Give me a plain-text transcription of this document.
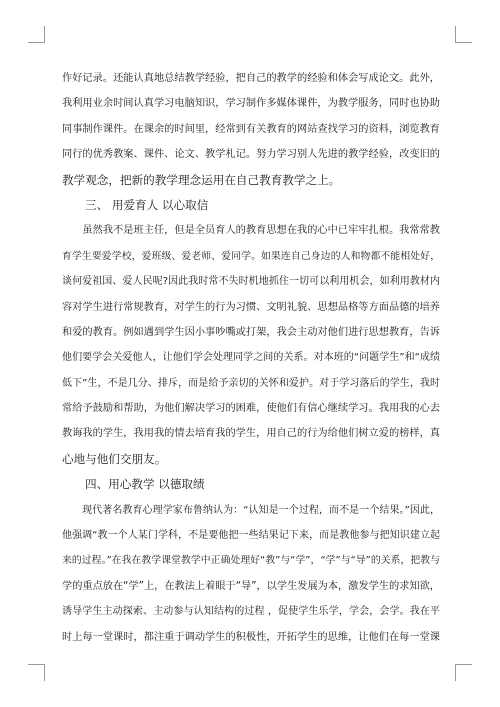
作好记录。还能认真地总结教学经验，把自己的教学的经验和体会写成论文。此外，
我利用业余时间认真学习电脑知识，学习制作多媒体课件，为教学服务，同时也协助
同事制作课件。在课余的时间里，经常到有关教育的网站查找学习的资料，浏览教育
同行的优秀教案、课件、论文、教学札记。努力学习别人先进的教学经验，改变旧的
教学观念，把新的教学理念运用在自己教育教学之上。
三、 用爱育人 以心取信
　　虽然我不是班主任，但是全员育人的教育思想在我的心中已牢牢扎根。我常常教
育学生要爱学校，爱班级、爱老师、爱同学。如果连自己身边的人和物都不能相处好，
谈何爱祖国、爱人民呢?因此我时常不失时机地抓住一切可以利用机会，如利用教材内
容对学生进行常规教育，对学生的行为习惯、文明礼貌、思想品格等方面品德的培养
和爱的教育。例如遇到学生因小事吵嘴或打架，我会主动对他们进行思想教育，告诉
他们要学会关爱他人，让他们学会处理同学之间的关系。对本班的“问题学生”和“成绩
低下”生，不是几分、排斥，而是给予亲切的关怀和爱护。对于学习落后的学生，我时
常给予鼓励和帮助，为他们解决学习的困难，使他们有信心继续学习。我用我的心去
教诲我的学生，我用我的情去培育我的学生，用自己的行为给他们树立爱的榜样，真
心地与他们交朋友。
四、用心教学 以德取绩
　　现代著名教育心理学家布鲁纳认为：“认知是一个过程，而不是一个结果。”因此，
他强调“教一个人某门学科，不是要他把一些结果记下来，而是教他参与把知识建立起
来的过程。”在我在教学课堂教学中正确处理好“教”与“学”，“学”与“导”的关系，把教与
学的重点放在“学”上，在教法上着眼于“导”，以学生发展为本，激发学生的求知欲，
诱导学生主动探索、主动参与认知结构的过程 ，促使学生乐学，学会，会学。我在平
时上每一堂课时，都注重于调动学生的积极性，开拓学生的思维，让他们在每一堂课
